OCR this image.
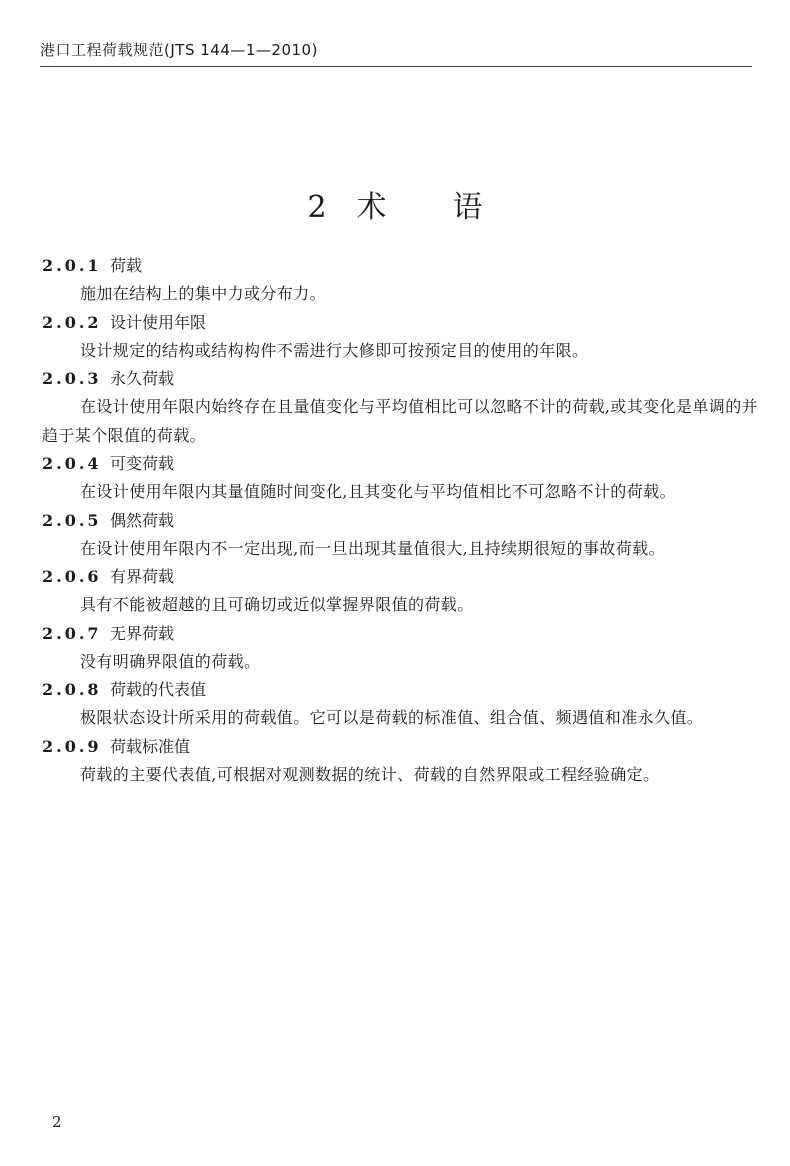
港口工程荷载规范(JTS 144—1—2010)
2 术 语
2.0.1 荷载
施加在结构上的集中力或分布力。
2.0.2 设计使用年限
设计规定的结构或结构构件不需进行大修即可按预定目的使用的年限。
2.0.3 永久荷载
在设计使用年限内始终存在且量值变化与平均值相比可以忽略不计的荷载,或其变化是单调的并趋于某个限值的荷载。
2.0.4 可变荷载
在设计使用年限内其量值随时间变化,且其变化与平均值相比不可忽略不计的荷载。
2.0.5 偶然荷载
在设计使用年限内不一定出现,而一旦出现其量值很大,且持续期很短的事故荷载。
2.0.6 有界荷载
具有不能被超越的且可确切或近似掌握界限值的荷载。
2.0.7 无界荷载
没有明确界限值的荷载。
2.0.8 荷载的代表值
极限状态设计所采用的荷载值。它可以是荷载的标准值、组合值、频遇值和准永久值。
2.0.9 荷载标准值
荷载的主要代表值,可根据对观测数据的统计、荷载的自然界限或工程经验确定。
2
